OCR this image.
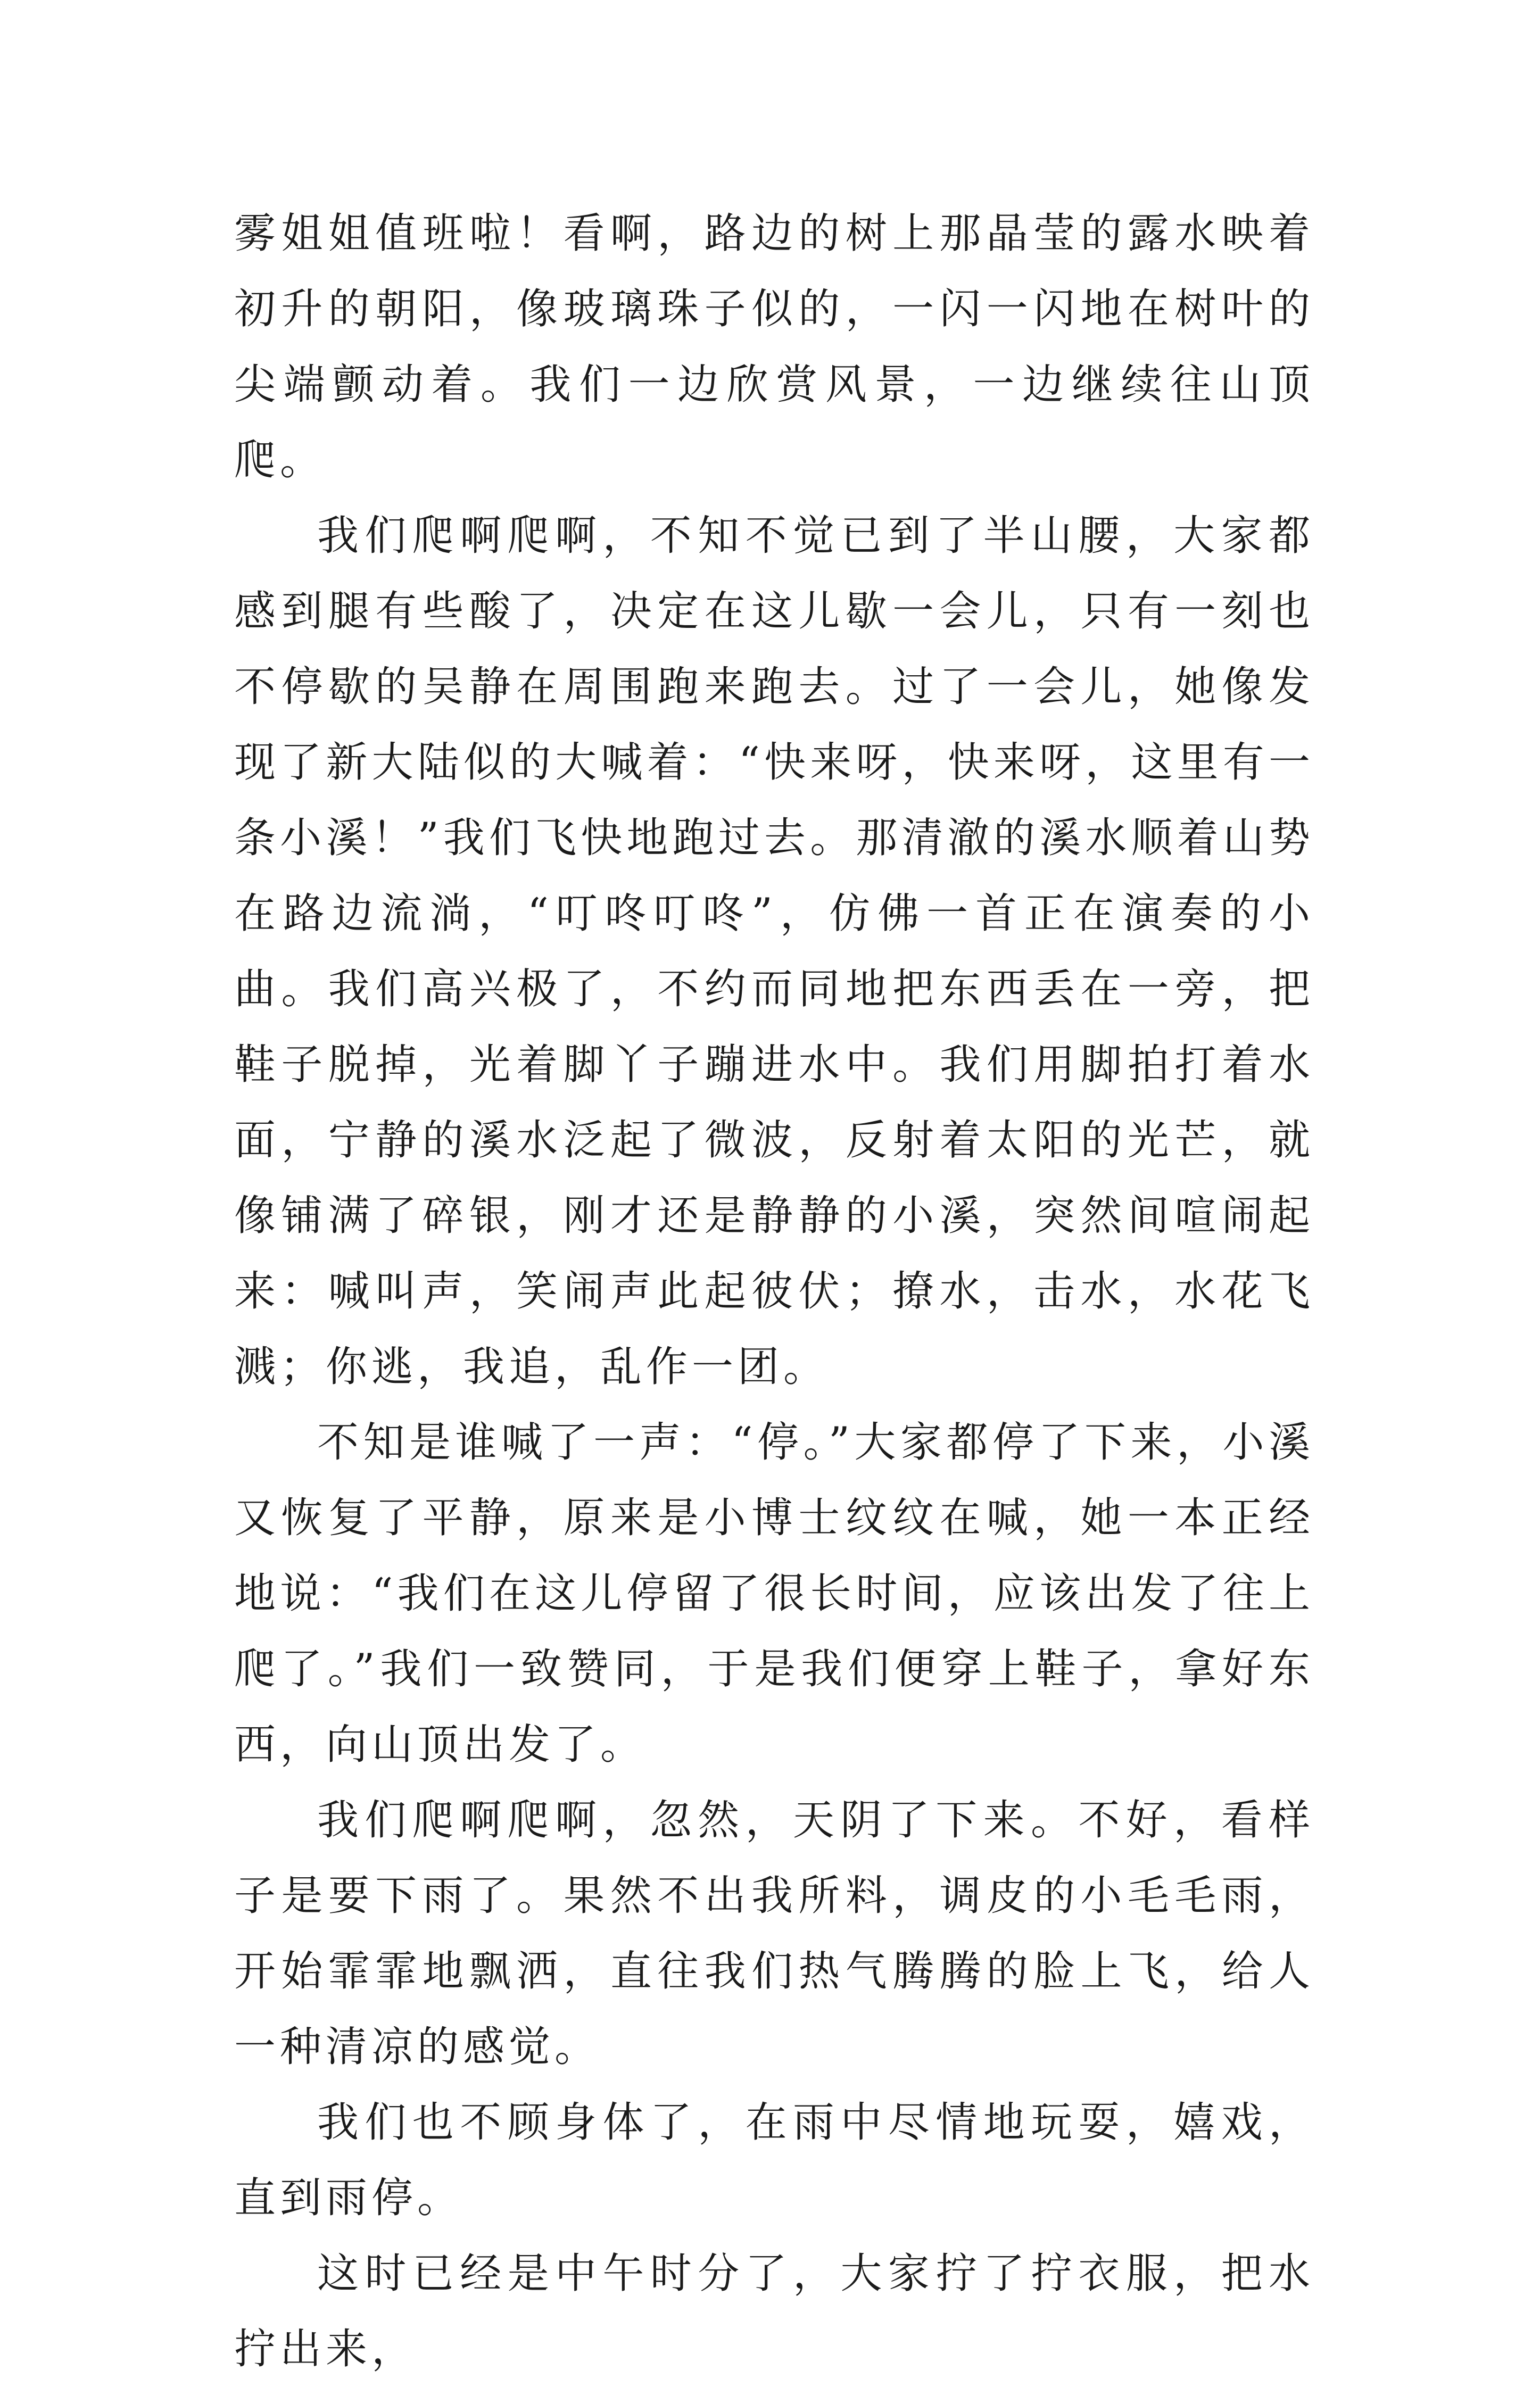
雾姐姐值班啦！看啊，路边的树上那晶莹的露水映着初升的朝阳，像玻璃珠子似的，一闪一闪地在树叶的尖端颤动着。我们一边欣赏风景，一边继续往山顶爬。

我们爬啊爬啊，不知不觉已到了半山腰，大家都感到腿有些酸了，决定在这儿歇一会儿，只有一刻也不停歇的吴静在周围跑来跑去。过了一会儿，她像发现了新大陆似的大喊着：“快来呀，快来呀，这里有一条小溪！”我们飞快地跑过去。那清澈的溪水顺着山势在路边流淌，“叮咚叮咚”，仿佛一首正在演奏的小曲。我们高兴极了，不约而同地把东西丢在一旁，把鞋子脱掉，光着脚丫子蹦进水中。我们用脚拍打着水面，宁静的溪水泛起了微波，反射着太阳的光芒，就像铺满了碎银，刚才还是静静的小溪，突然间喧闹起来：喊叫声，笑闹声此起彼伏；撩水，击水，水花飞溅；你逃，我追，乱作一团。

不知是谁喊了一声：“停。”大家都停了下来，小溪又恢复了平静，原来是小博士纹纹在喊，她一本正经地说：“我们在这儿停留了很长时间，应该出发了往上爬了。”我们一致赞同，于是我们便穿上鞋子，拿好东西，向山顶出发了。

我们爬啊爬啊，忽然，天阴了下来。不好，看样子是要下雨了。果然不出我所料，调皮的小毛毛雨，开始霏霏地飘洒，直往我们热气腾腾的脸上飞，给人一种清凉的感觉。

我们也不顾身体了，在雨中尽情地玩耍，嬉戏，直到雨停。

这时已经是中午时分了，大家拧了拧衣服，把水拧出来，
